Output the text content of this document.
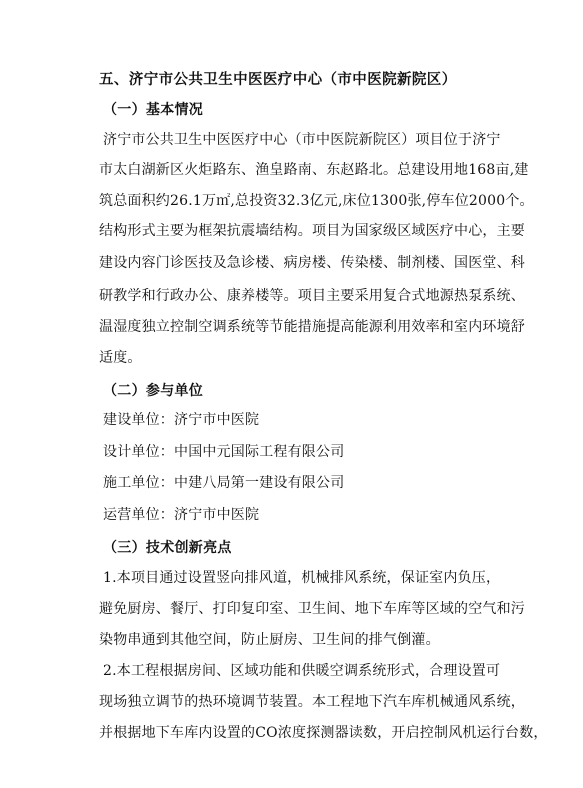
五、济宁市公共卫生中医医疗中心（市中医院新院区）
（一）基本情况
济宁市公共卫生中医医疗中心（市中医院新院区）项目位于济宁
市太白湖新区火炬路东、渔皇路南、东赵路北。总建设用地168亩,建
筑总面积约26.1万㎡,总投资32.3亿元,床位1300张,停车位2000个。
结构形式主要为框架抗震墙结构。项目为国家级区域医疗中心，主要
建设内容门诊医技及急诊楼、病房楼、传染楼、制剂楼、国医堂、科
研教学和行政办公、康养楼等。项目主要采用复合式地源热泵系统、
温湿度独立控制空调系统等节能措施提高能源利用效率和室内环境舒
适度。
（二）参与单位
建设单位：济宁市中医院
设计单位：中国中元国际工程有限公司
施工单位：中建八局第一建设有限公司
运营单位：济宁市中医院
（三）技术创新亮点
1.本项目通过设置竖向排风道，机械排风系统，保证室内负压，
避免厨房、餐厅、打印复印室、卫生间、地下车库等区域的空气和污
染物串通到其他空间，防止厨房、卫生间的排气倒灌。
2.本工程根据房间、区域功能和供暖空调系统形式，合理设置可
现场独立调节的热环境调节装置。本工程地下汽车库机械通风系统，
并根据地下车库内设置的CO浓度探测器读数，开启控制风机运行台数，
